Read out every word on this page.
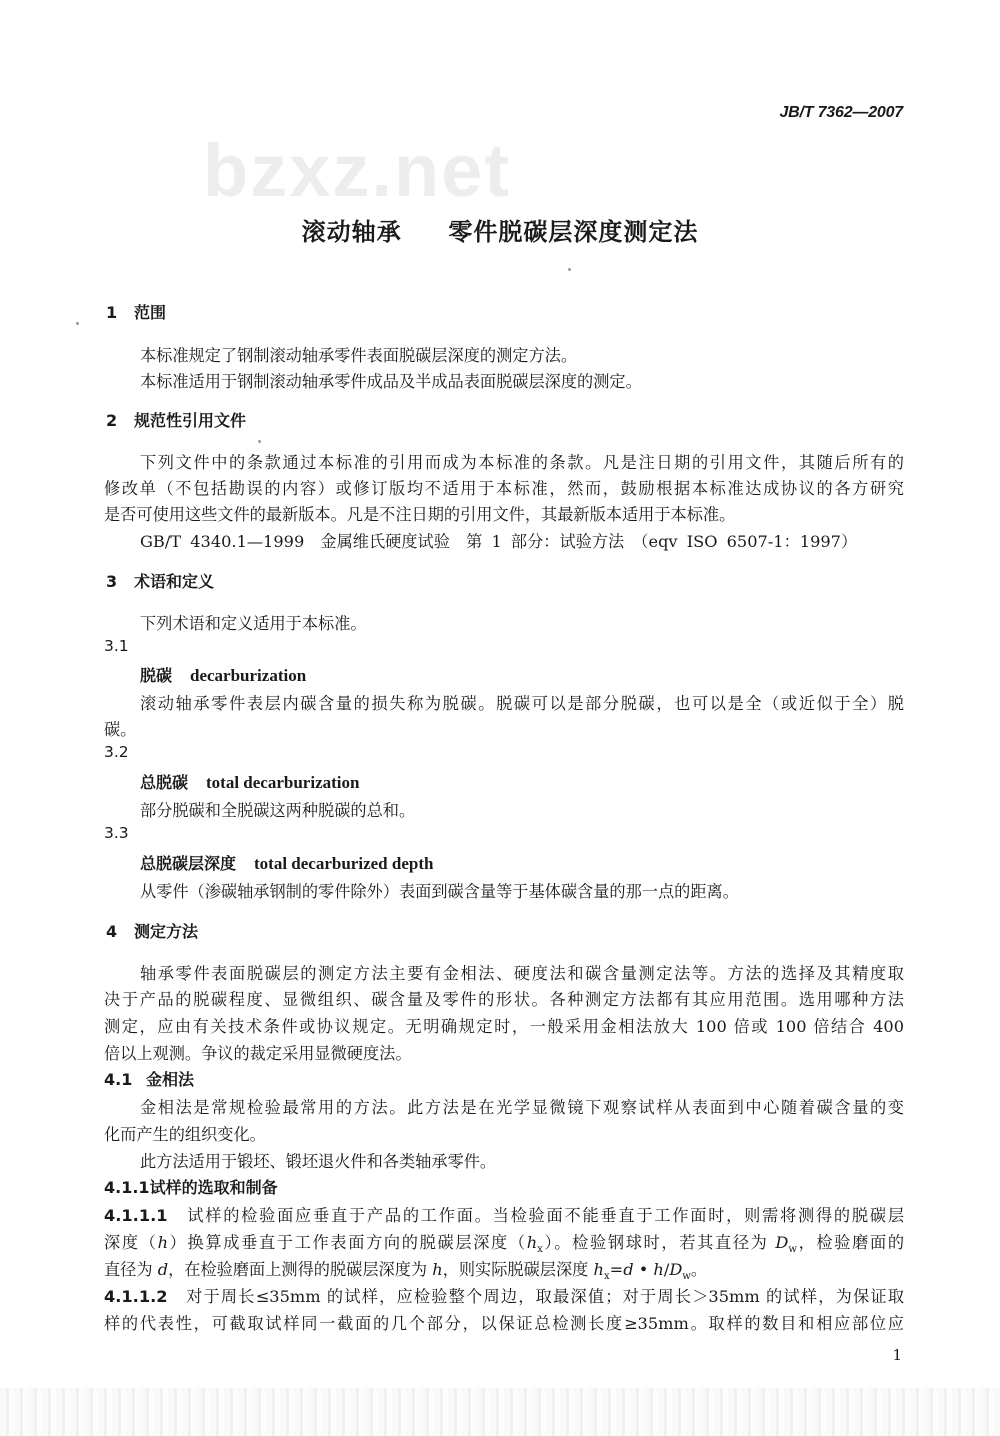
bzxz.net
JB/T 7362—2007
滚动轴承  零件脱碳层深度测定法
1 范围
本标准规定了钢制滚动轴承零件表面脱碳层深度的测定方法。
本标准适用于钢制滚动轴承零件成品及半成品表面脱碳层深度的测定。
2 规范性引用文件
下列文件中的条款通过本标准的引用而成为本标准的条款。凡是注日期的引用文件，其随后所有的
修改单（不包括勘误的内容）或修订版均不适用于本标准，然而，鼓励根据本标准达成协议的各方研究
是否可使用这些文件的最新版本。凡是不注日期的引用文件，其最新版本适用于本标准。
GB/T 4340.1—1999　金属维氏硬度试验　第 1 部分：试验方法　（eqv ISO 6507-1：1997）
3 术语和定义
下列术语和定义适用于本标准。
3.1
脱碳 decarburization
滚动轴承零件表层内碳含量的损失称为脱碳。脱碳可以是部分脱碳，也可以是全（或近似于全）脱
碳。
3.2
总脱碳 total decarburization
部分脱碳和全脱碳这两种脱碳的总和。
3.3
总脱碳层深度 total decarburized depth
从零件（渗碳轴承钢制的零件除外）表面到碳含量等于基体碳含量的那一点的距离。
4 测定方法
轴承零件表面脱碳层的测定方法主要有金相法、硬度法和碳含量测定法等。方法的选择及其精度取
决于产品的脱碳程度、显微组织、碳含量及零件的形状。各种测定方法都有其应用范围。选用哪种方法
测定，应由有关技术条件或协议规定。无明确规定时，一般采用金相法放大 100 倍或 100 倍结合 400
倍以上观测。争议的裁定采用显微硬度法。
4.1 金相法
金相法是常规检验最常用的方法。此方法是在光学显微镜下观察试样从表面到中心随着碳含量的变
化而产生的组织变化。
此方法适用于锻坯、锻坯退火件和各类轴承零件。
4.1.1试样的选取和制备
4.1.1.1　 试样的检验面应垂直于产品的工作面。当检验面不能垂直于工作面时，则需将测得的脱碳层
深度（h）换算成垂直于工作表面方向的脱碳层深度$(h_x)$。检验钢球时，若其直径为 $D_w$，检验磨面的
直径为 d，在检验磨面上测得的脱碳层深度为 h，则实际脱碳层深度 $h_x=d$ • $h/D_w$。
4.1.1.2　 对于周长≤35mm 的试样，应检验整个周边，取最深值；对于周长＞35mm 的试样，为保证取
样的代表性，可截取试样同一截面的几个部分，以保证总检测长度≥35mm。取样的数目和相应部位应
1
